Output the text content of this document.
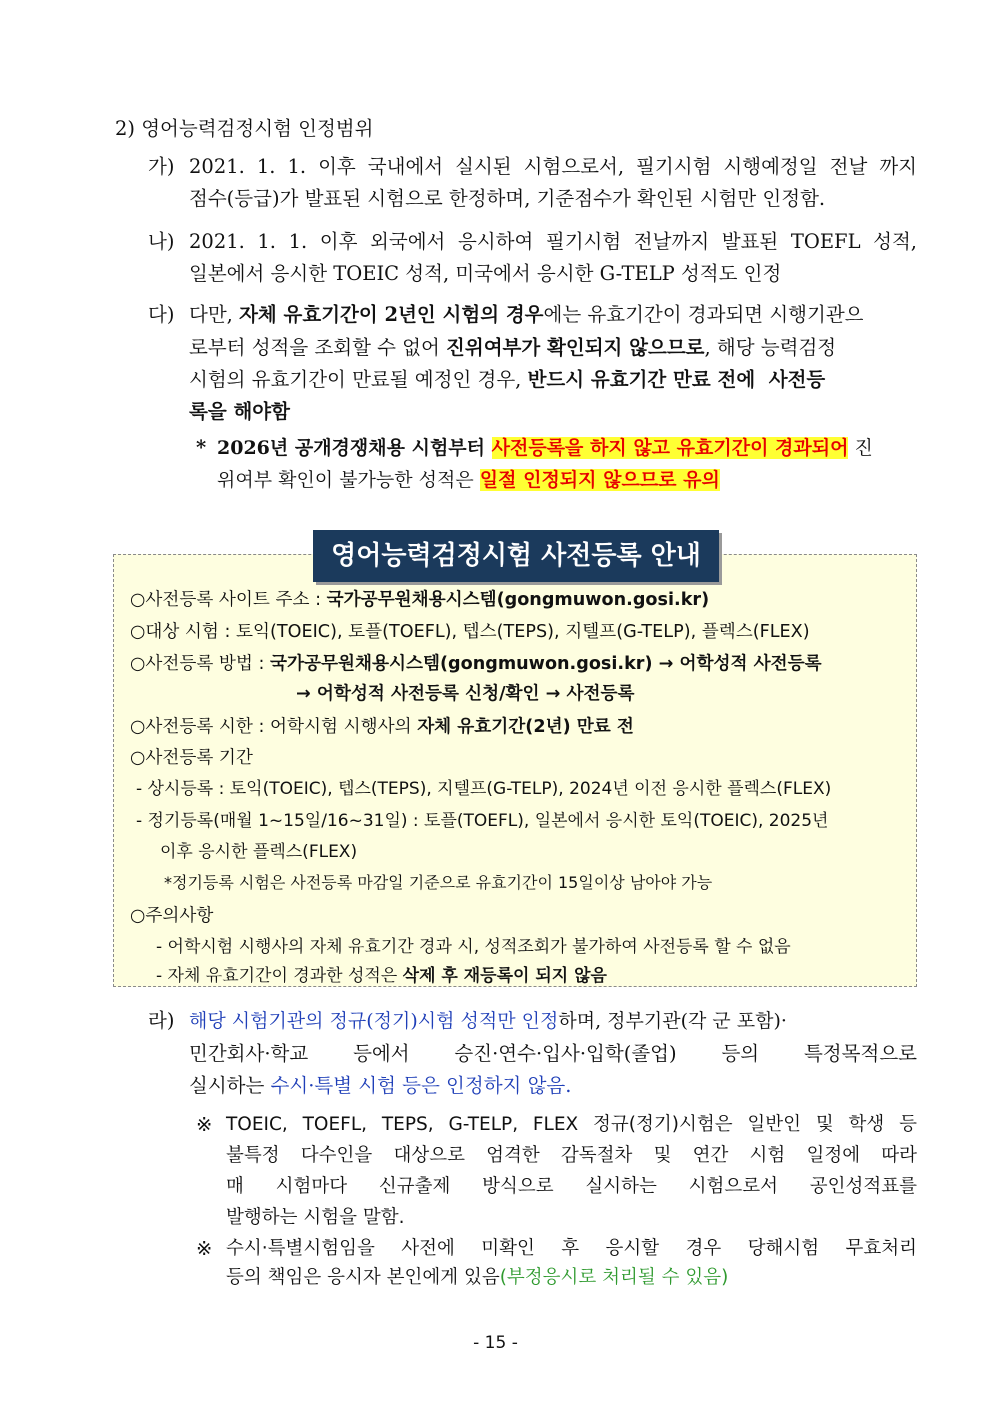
2) 영어능력검정시험 인정범위
가) 2021. 1. 1. 이후 국내에서 실시된 시험으로서, 필기시험 시행예정일 전날 까지
점수(등급)가 발표된 시험으로 한정하며, 기준점수가 확인된 시험만 인정함.
나) 2021. 1. 1. 이후 외국에서 응시하여 필기시험 전날까지 발표된 TOEFL 성적,
일본에서 응시한 TOEIC 성적, 미국에서 응시한 G-TELP 성적도 인정
다) 다만, 자체 유효기간이 2년인 시험의 경우에는 유효기간이 경과되면 시행기관으
로부터 성적을 조회할 수 없어 진위여부가 확인되지 않으므로, 해당 능력검정
시험의 유효기간이 만료될 예정인 경우, 반드시 유효기간 만료 전에  사전등
록을 해야함
* 2026년 공개경쟁채용 시험부터 사전등록을 하지 않고 유효기간이 경과되어 진
위여부 확인이 불가능한 성적은 일절 인정되지 않으므로 유의
영어능력검정시험 사전등록 안내
○사전등록 사이트 주소 : 국가공무원채용시스템(gongmuwon.gosi.kr)
○대상 시험 : 토익(TOEIC), 토플(TOEFL), 텝스(TEPS), 지텔프(G-TELP), 플렉스(FLEX)
○사전등록 방법 : 국가공무원채용시스템(gongmuwon.gosi.kr) → 어학성적 사전등록
→ 어학성적 사전등록 신청/확인 → 사전등록
○사전등록 시한 : 어학시험 시행사의 자체 유효기간(2년) 만료 전
○사전등록 기간
- 상시등록 : 토익(TOEIC), 텝스(TEPS), 지텔프(G-TELP), 2024년 이전 응시한 플렉스(FLEX)
- 정기등록(매월 1~15일/16~31일) : 토플(TOEFL), 일본에서 응시한 토익(TOEIC), 2025년
이후 응시한 플렉스(FLEX)
*정기등록 시험은 사전등록 마감일 기준으로 유효기간이 15일이상 남아야 가능
○주의사항
- 어학시험 시행사의 자체 유효기간 경과 시, 성적조회가 불가하여 사전등록 할 수 없음
- 자체 유효기간이 경과한 성적은 삭제 후 재등록이 되지 않음
라) 해당 시험기관의 정규(정기)시험 성적만 인정하며, 정부기관(각 군 포함)·
민간회사·학교 등에서 승진·연수·입사·입학(졸업) 등의 특정목적으로
실시하는 수시·특별 시험 등은 인정하지 않음.
※ TOEIC, TOEFL, TEPS, G-TELP, FLEX 정규(정기)시험은 일반인 및 학생 등
불특정 다수인을 대상으로 엄격한 감독절차 및 연간 시험 일정에 따라
매 시험마다 신규출제 방식으로 실시하는 시험으로서 공인성적표를
발행하는 시험을 말함.
※ 수시·특별시험임을 사전에 미확인 후 응시할 경우 당해시험 무효처리
등의 책임은 응시자 본인에게 있음(부정응시로 처리될 수 있음)
- 15 -
